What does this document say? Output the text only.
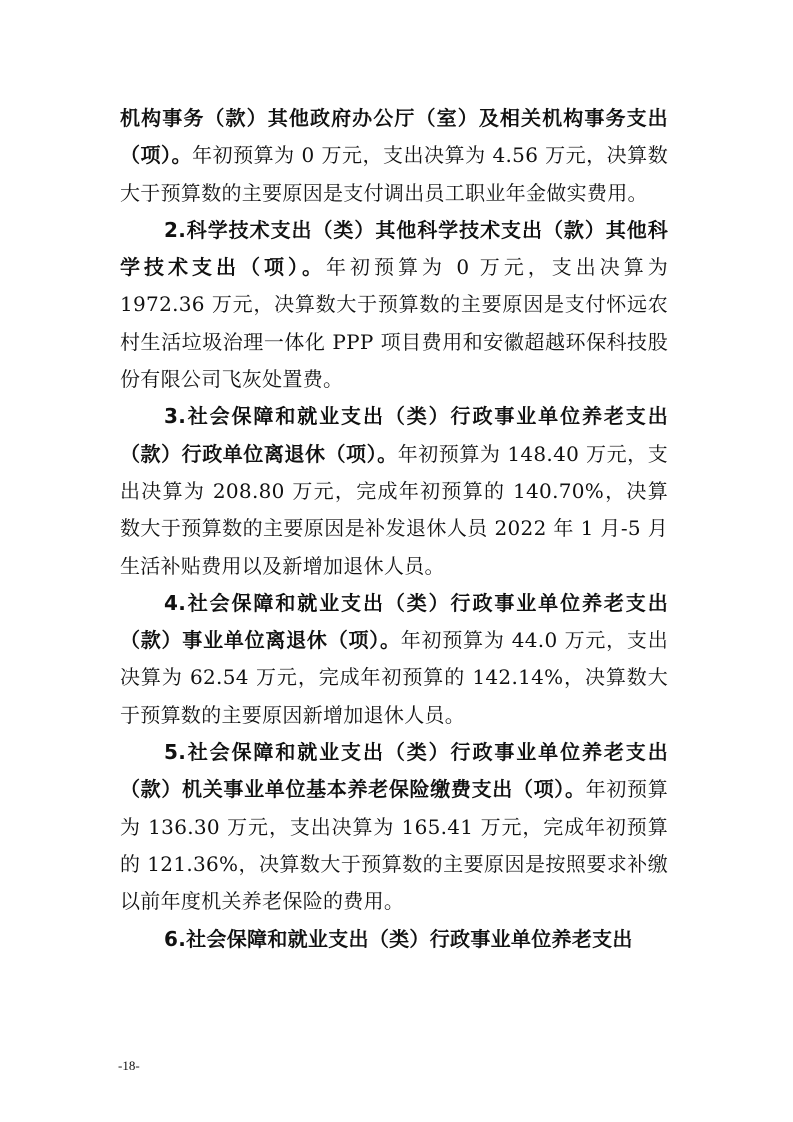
机构事务（款）其他政府办公厅（室）及相关机构事务支出（项）。年初预算为 0 万元，支出决算为 4.56 万元，决算数大于预算数的主要原因是支付调出员工职业年金做实费用。

2.科学技术支出（类）其他科学技术支出（款）其他科学技术支出（项）。年初预算为 0 万元，支出决算为 1972.36 万元，决算数大于预算数的主要原因是支付怀远农村生活垃圾治理一体化 PPP 项目费用和安徽超越环保科技股份有限公司飞灰处置费。

3.社会保障和就业支出（类）行政事业单位养老支出（款）行政单位离退休（项）。年初预算为 148.40 万元，支出决算为 208.80 万元，完成年初预算的 140.70%，决算数大于预算数的主要原因是补发退休人员 2022 年 1 月-5 月生活补贴费用以及新增加退休人员。

4.社会保障和就业支出（类）行政事业单位养老支出（款）事业单位离退休（项）。年初预算为 44.0 万元，支出决算为 62.54 万元，完成年初预算的 142.14%，决算数大于预算数的主要原因新增加退休人员。

5.社会保障和就业支出（类）行政事业单位养老支出（款）机关事业单位基本养老保险缴费支出（项）。年初预算为 136.30 万元，支出决算为 165.41 万元，完成年初预算的 121.36%，决算数大于预算数的主要原因是按照要求补缴以前年度机关养老保险的费用。

6.社会保障和就业支出（类）行政事业单位养老支出

-18-
